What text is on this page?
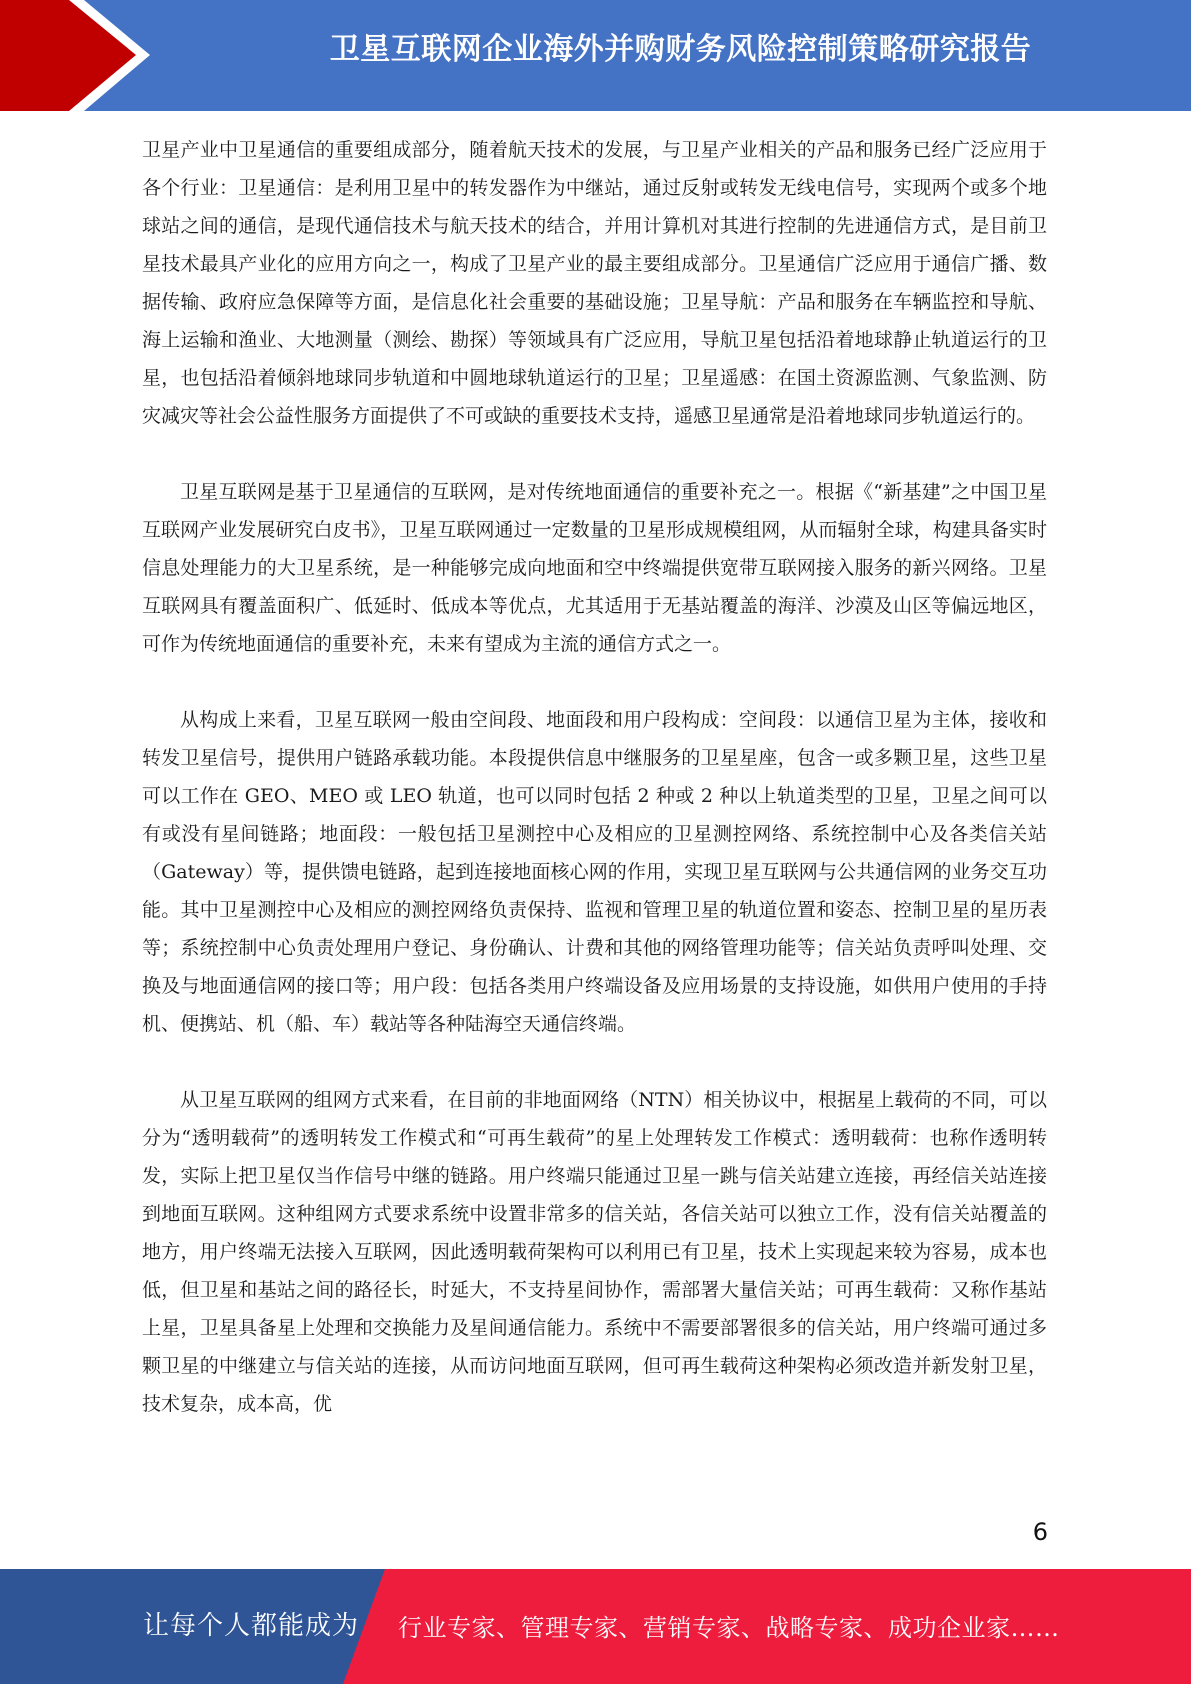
卫星互联网企业海外并购财务风险控制策略研究报告

卫星产业中卫星通信的重要组成部分，随着航天技术的发展，与卫星产业相关的产品和服务已经广泛应用于各个行业：卫星通信：是利用卫星中的转发器作为中继站，通过反射或转发无线电信号，实现两个或多个地球站之间的通信，是现代通信技术与航天技术的结合，并用计算机对其进行控制的先进通信方式，是目前卫星技术最具产业化的应用方向之一，构成了卫星产业的最主要组成部分。卫星通信广泛应用于通信广播、数据传输、政府应急保障等方面，是信息化社会重要的基础设施；卫星导航：产品和服务在车辆监控和导航、海上运输和渔业、大地测量（测绘、勘探）等领域具有广泛应用，导航卫星包括沿着地球静止轨道运行的卫星，也包括沿着倾斜地球同步轨道和中圆地球轨道运行的卫星；卫星遥感：在国土资源监测、气象监测、防灾减灾等社会公益性服务方面提供了不可或缺的重要技术支持，遥感卫星通常是沿着地球同步轨道运行的。

卫星互联网是基于卫星通信的互联网，是对传统地面通信的重要补充之一。根据《“新基建”之中国卫星互联网产业发展研究白皮书》，卫星互联网通过一定数量的卫星形成规模组网，从而辐射全球，构建具备实时信息处理能力的大卫星系统，是一种能够完成向地面和空中终端提供宽带互联网接入服务的新兴网络。卫星互联网具有覆盖面积广、低延时、低成本等优点，尤其适用于无基站覆盖的海洋、沙漠及山区等偏远地区，可作为传统地面通信的重要补充，未来有望成为主流的通信方式之一。

从构成上来看，卫星互联网一般由空间段、地面段和用户段构成：空间段：以通信卫星为主体，接收和转发卫星信号，提供用户链路承载功能。本段提供信息中继服务的卫星星座，包含一或多颗卫星，这些卫星可以工作在 GEO、MEO 或 LEO 轨道，也可以同时包括 2 种或 2 种以上轨道类型的卫星，卫星之间可以有或没有星间链路；地面段：一般包括卫星测控中心及相应的卫星测控网络、系统控制中心及各类信关站（Gateway）等，提供馈电链路，起到连接地面核心网的作用，实现卫星互联网与公共通信网的业务交互功能。其中卫星测控中心及相应的测控网络负责保持、监视和管理卫星的轨道位置和姿态、控制卫星的星历表等；系统控制中心负责处理用户登记、身份确认、计费和其他的网络管理功能等；信关站负责呼叫处理、交换及与地面通信网的接口等；用户段：包括各类用户终端设备及应用场景的支持设施，如供用户使用的手持机、便携站、机（船、车）载站等各种陆海空天通信终端。

从卫星互联网的组网方式来看，在目前的非地面网络（NTN）相关协议中，根据星上载荷的不同，可以分为“透明载荷”的透明转发工作模式和“可再生载荷”的星上处理转发工作模式：透明载荷：也称作透明转发，实际上把卫星仅当作信号中继的链路。用户终端只能通过卫星一跳与信关站建立连接，再经信关站连接到地面互联网。这种组网方式要求系统中设置非常多的信关站，各信关站可以独立工作，没有信关站覆盖的地方，用户终端无法接入互联网，因此透明载荷架构可以利用已有卫星，技术上实现起来较为容易，成本也低，但卫星和基站之间的路径长，时延大，不支持星间协作，需部署大量信关站；可再生载荷：又称作基站上星，卫星具备星上处理和交换能力及星间通信能力。系统中不需要部署很多的信关站，用户终端可通过多颗卫星的中继建立与信关站的连接，从而访问地面互联网，但可再生载荷这种架构必须改造并新发射卫星，技术复杂，成本高，优

6
让每个人都能成为 行业专家、管理专家、营销专家、战略专家、成功企业家……
